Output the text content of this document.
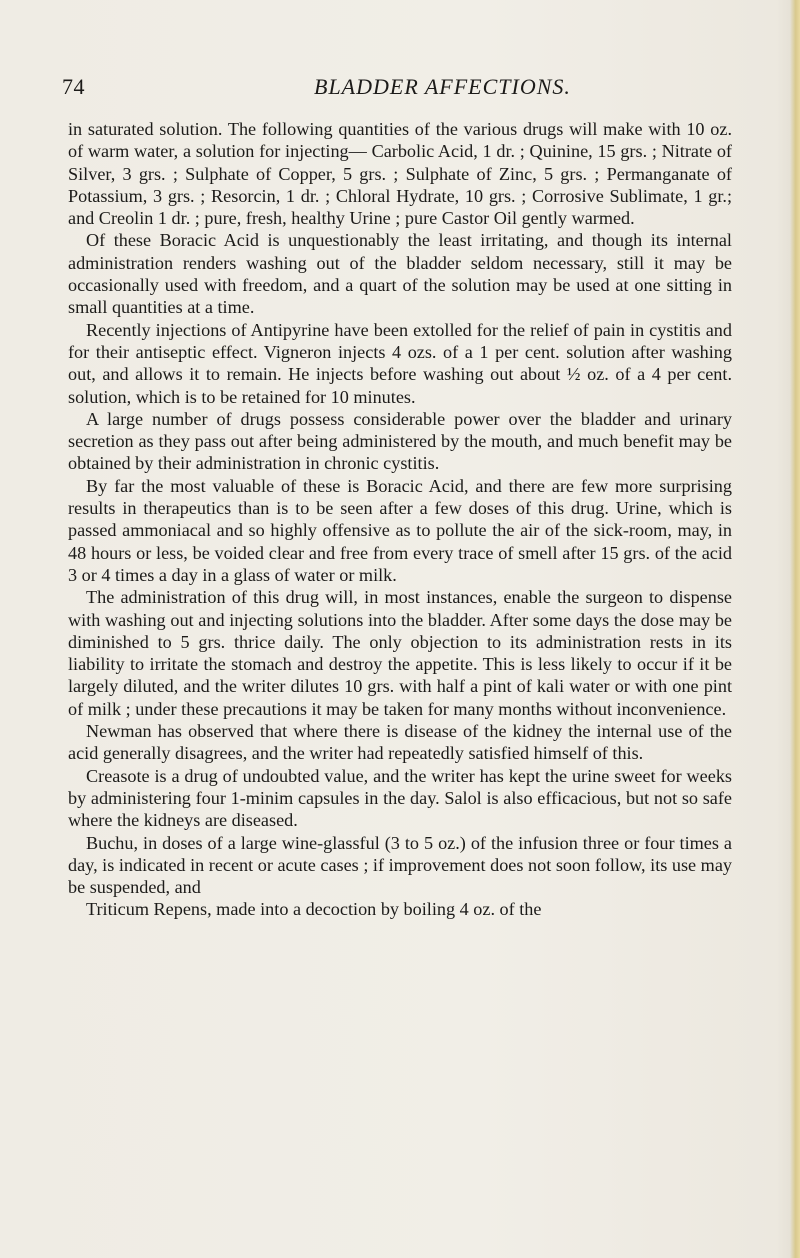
74	BLADDER AFFECTIONS.

in saturated solution. The following quantities of the various drugs will make with 10 oz. of warm water, a solution for injecting— Carbolic Acid, 1 dr. ; Quinine, 15 grs. ; Nitrate of Silver, 3 grs. ; Sulphate of Copper, 5 grs. ; Sulphate of Zinc, 5 grs. ; Permanganate of Potassium, 3 grs. ; Resorcin, 1 dr. ; Chloral Hydrate, 10 grs. ; Corrosive Sublimate, 1 gr.; and Creolin 1 dr. ; pure, fresh, healthy Urine ; pure Castor Oil gently warmed.

Of these Boracic Acid is unquestionably the least irritating, and though its internal administration renders washing out of the bladder seldom necessary, still it may be occasionally used with freedom, and a quart of the solution may be used at one sitting in small quantities at a time.

Recently injections of Antipyrine have been extolled for the relief of pain in cystitis and for their antiseptic effect. Vigneron injects 4 ozs. of a 1 per cent. solution after washing out, and allows it to remain. He injects before washing out about ½ oz. of a 4 per cent. solution, which is to be retained for 10 minutes.

A large number of drugs possess considerable power over the bladder and urinary secretion as they pass out after being administered by the mouth, and much benefit may be obtained by their administration in chronic cystitis.

By far the most valuable of these is Boracic Acid, and there are few more surprising results in therapeutics than is to be seen after a few doses of this drug. Urine, which is passed ammoniacal and so highly offensive as to pollute the air of the sick-room, may, in 48 hours or less, be voided clear and free from every trace of smell after 15 grs. of the acid 3 or 4 times a day in a glass of water or milk.

The administration of this drug will, in most instances, enable the surgeon to dispense with washing out and injecting solutions into the bladder. After some days the dose may be diminished to 5 grs. thrice daily. The only objection to its administration rests in its liability to irritate the stomach and destroy the appetite. This is less likely to occur if it be largely diluted, and the writer dilutes 10 grs. with half a pint of kali water or with one pint of milk ; under these precautions it may be taken for many months without inconvenience.

Newman has observed that where there is disease of the kidney the internal use of the acid generally disagrees, and the writer had repeatedly satisfied himself of this.

Creasote is a drug of undoubted value, and the writer has kept the urine sweet for weeks by administering four 1-minim capsules in the day. Salol is also efficacious, but not so safe where the kidneys are diseased.

Buchu, in doses of a large wine-glassful (3 to 5 oz.) of the infusion three or four times a day, is indicated in recent or acute cases ; if improvement does not soon follow, its use may be suspended, and

Triticum Repens, made into a decoction by boiling 4 oz. of the
